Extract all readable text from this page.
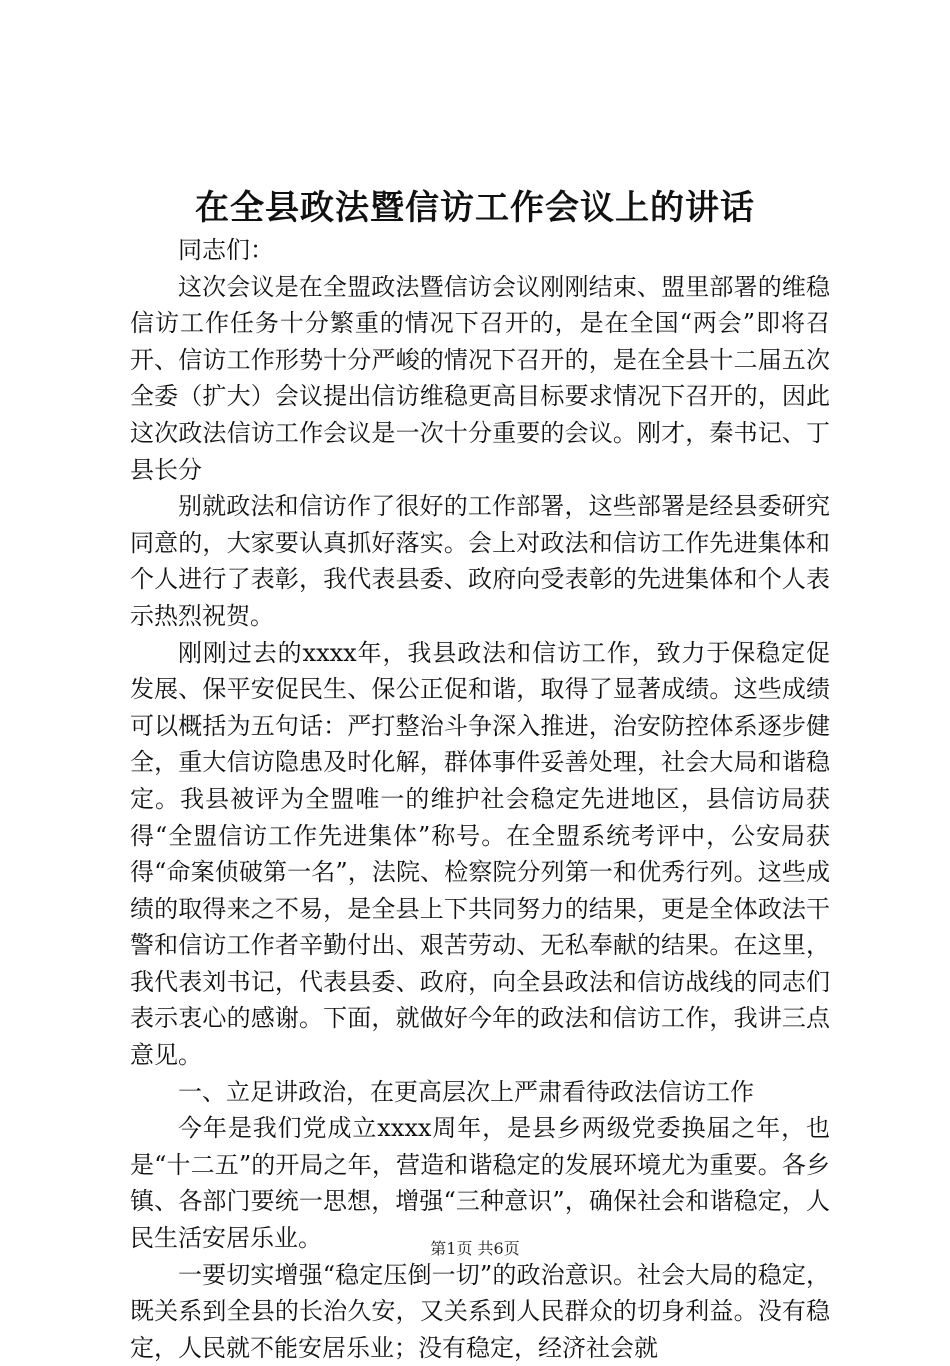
在全县政法暨信访工作会议上的讲话

同志们：

这次会议是在全盟政法暨信访会议刚刚结束、盟里部署的维稳信访工作任务十分繁重的情况下召开的，是在全国“两会”即将召开、信访工作形势十分严峻的情况下召开的，是在全县十二届五次全委（扩大）会议提出信访维稳更高目标要求情况下召开的，因此这次政法信访工作会议是一次十分重要的会议。刚才，秦书记、丁县长分

别就政法和信访作了很好的工作部署，这些部署是经县委研究同意的，大家要认真抓好落实。会上对政法和信访工作先进集体和个人进行了表彰，我代表县委、政府向受表彰的先进集体和个人表示热烈祝贺。

刚刚过去的xxxx年，我县政法和信访工作，致力于保稳定促发展、保平安促民生、保公正促和谐，取得了显著成绩。这些成绩可以概括为五句话：严打整治斗争深入推进，治安防控体系逐步健全，重大信访隐患及时化解，群体事件妥善处理，社会大局和谐稳定。我县被评为全盟唯一的维护社会稳定先进地区，县信访局获得“全盟信访工作先进集体”称号。在全盟系统考评中，公安局获得“命案侦破第一名”，法院、检察院分列第一和优秀行列。这些成绩的取得来之不易，是全县上下共同努力的结果，更是全体政法干警和信访工作者辛勤付出、艰苦劳动、无私奉献的结果。在这里，我代表刘书记，代表县委、政府，向全县政法和信访战线的同志们表示衷心的感谢。下面，就做好今年的政法和信访工作，我讲三点意见。

一、立足讲政治，在更高层次上严肃看待政法信访工作

今年是我们党成立xxxx周年，是县乡两级党委换届之年，也是“十二五”的开局之年，营造和谐稳定的发展环境尤为重要。各乡镇、各部门要统一思想，增强“三种意识”，确保社会和谐稳定，人民生活安居乐业。

一要切实增强“稳定压倒一切”的政治意识。社会大局的稳定，既关系到全县的长治久安，又关系到人民群众的切身利益。没有稳定，人民就不能安居乐业；没有稳定，经济社会就

第1页 共6页
